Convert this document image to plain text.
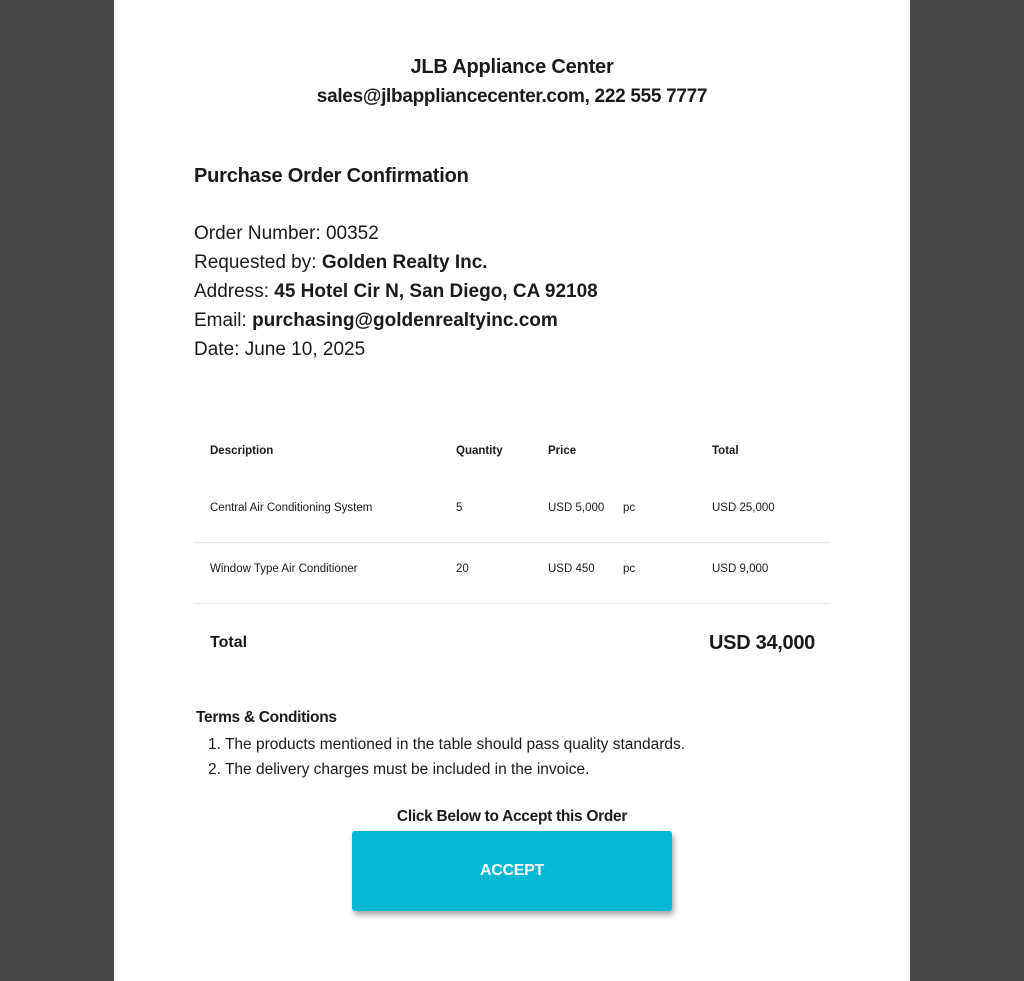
JLB Appliance Center
sales@jlbappliancecenter.com, 222 555 7777
Purchase Order Confirmation
Order Number: 00352
Requested by: Golden Realty Inc.
Address: 45 Hotel Cir N, San Diego, CA 92108
Email: purchasing@goldenrealtyinc.com
Date: June 10, 2025
Description	Quantity	Price	Total
Central Air Conditioning System	5	USD 5,000 pc	USD 25,000
Window Type Air Conditioner	20	USD 450 pc	USD 9,000
Total	USD 34,000
Terms & Conditions
1. The products mentioned in the table should pass quality standards.
2. The delivery charges must be included in the invoice.
Click Below to Accept this Order
ACCEPT
